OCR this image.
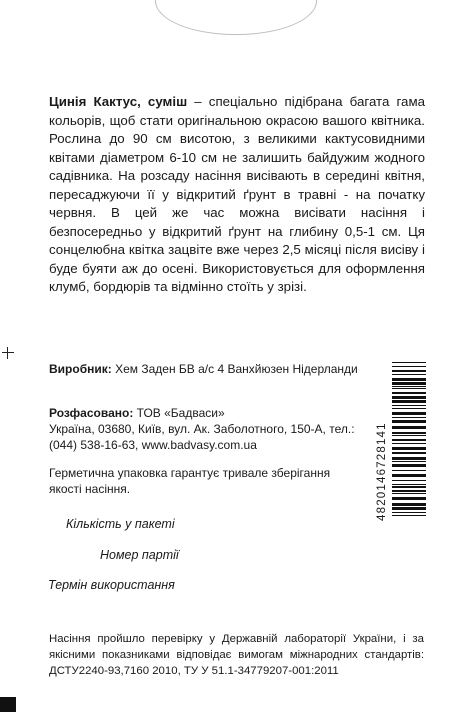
Цинія Кактус, суміш – спеціально підібрана багата гама кольорів, щоб стати оригінальною окрасою вашого квітника. Рослина до 90 см висотою, з великими кактусовидними квітами діаметром 6-10 см не залишить байдужим жодного садівника. На розсаду насіння висівають в середині квітня, пересаджуючи її у відкритий ґрунт в травні - на початку червня. В цей же час можна висівати насіння і безпосередньо у відкритий ґрунт на глибину 0,5-1 см. Ця сонцелюбна квітка зацвіте вже через 2,5 місяці після висіву і буде буяти аж до осені. Використовується для оформлення клумб, бордюрів та відмінно стоїть у зрізі.

Виробник: Хем Заден БВ а/с 4 Ванхйюзен Нідерланди

Розфасовано: ТОВ «Бадваси»
Україна, 03680, Київ, вул. Ак. Заболотного, 150-А, тел.: (044) 538-16-63, www.badvasy.com.ua

Герметична упаковка гарантує тривале зберігання якості насіння.	4820146728141

Кількість у пакеті

Номер партії

Термін використання

Насіння пройшло перевірку у Державній лабораторії України, і за якісними показниками відповідає вимогам міжнародних стандартів: ДСТУ2240-93,7160 2010, ТУ У 51.1-34779207-001:2011
